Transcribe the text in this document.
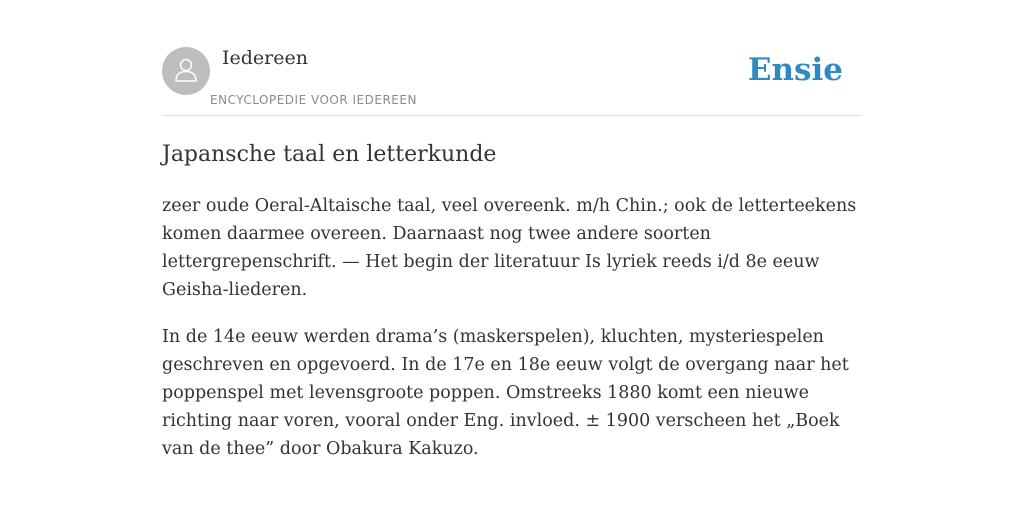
Iedereen
ENCYCLOPEDIE VOOR IEDEREEN
Ensie
Japansche taal en letterkunde

zeer oude Oeral-Altaische taal, veel overeenk. m/h Chin.; ook de letterteekens komen daarmee overeen. Daarnaast nog twee andere soorten lettergrepenschrift. — Het begin der literatuur Is lyriek reeds i/d 8e eeuw Geisha-liederen.

In de 14e eeuw werden drama’s (maskerspelen), kluchten, mysteriespelen geschreven en opgevoerd. In de 17e en 18e eeuw volgt de overgang naar het poppenspel met levensgroote poppen. Omstreeks 1880 komt een nieuwe richting naar voren, vooral onder Eng. invloed. ± 1900 verscheen het „Boek van de thee” door Obakura Kakuzo.
